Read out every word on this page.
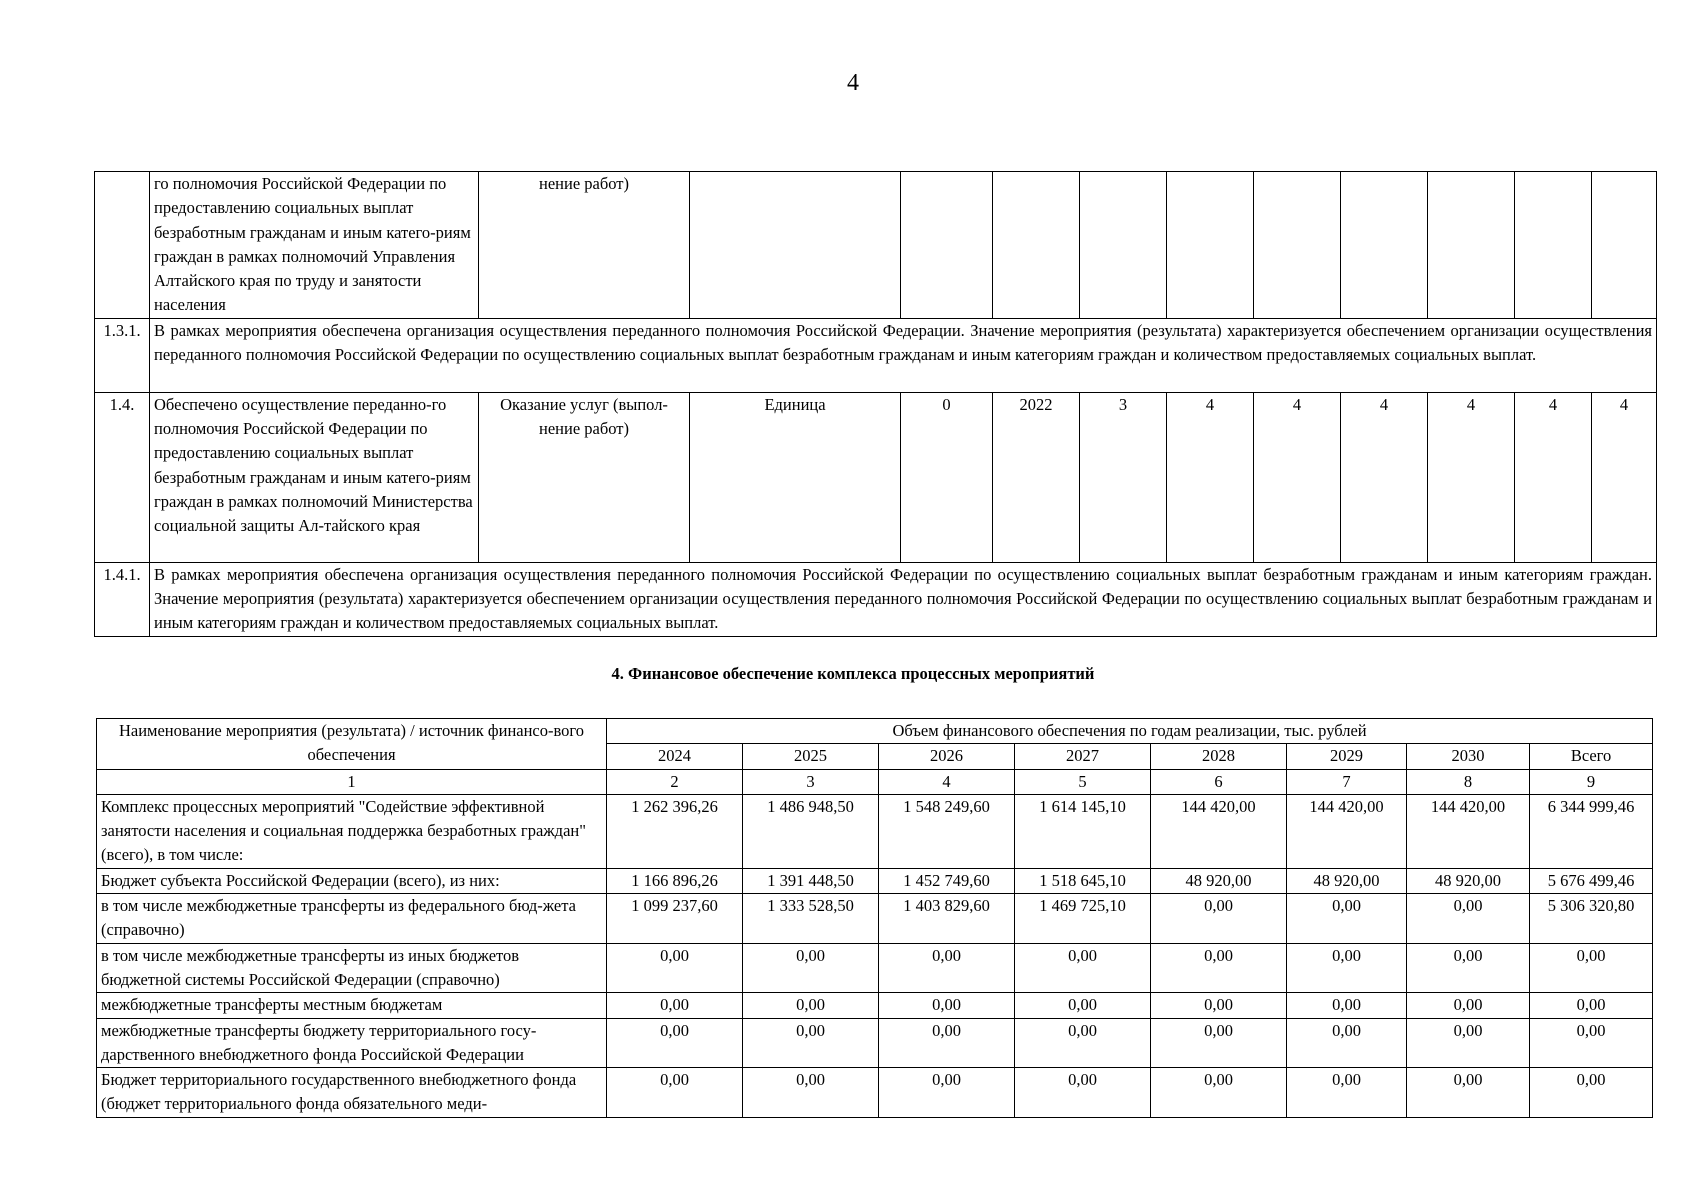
4
	го полномочия Российской Федерации по предоставлению социальных выплат безработным гражданам и иным катего-риям граждан в рамках полномочий Управления Алтайского края по труду и занятости населения	нение работ)										
1.3.1.	В рамках мероприятия обеспечена организация осуществления переданного полномочия Российской Федерации. Значение мероприятия (результата) характеризуется обеспечением организации осуществления переданного полномочия Российской Федерации по осуществлению социальных выплат безработным гражданам и иным категориям граждан и количеством предоставляемых социальных выплат.											
1.4.	Обеспечено осуществление переданно-го полномочия Российской Федерации по предоставлению социальных выплат безработным гражданам и иным катего-риям граждан в рамках полномочий Министерства социальной защиты Ал-тайского края	Оказание услуг (выпол-нение работ)	Единица	0	2022	3	4	4	4	4	4	4
1.4.1.	В рамках мероприятия обеспечена организация осуществления переданного полномочия Российской Федерации по осуществлению социальных выплат безработным гражданам и иным категориям граждан. Значение мероприятия (результата) характеризуется обеспечением организации осуществления переданного полномочия Российской Федерации по осуществлению социальных выплат безработным гражданам и иным категориям граждан и количеством предоставляемых социальных выплат.											
4. Финансовое обеспечение комплекса процессных мероприятий
Наименование мероприятия (результата) / источник финансо-вого обеспечения	Объем финансового обеспечения по годам реализации, тыс. рублей							
	2024	2025	2026	2027	2028	2029	2030	Всего
1	2	3	4	5	6	7	8	9
Комплекс процессных мероприятий "Содействие эффективной занятости населения и социальная поддержка безработных граждан" (всего), в том числе:	1 262 396,26	1 486 948,50	1 548 249,60	1 614 145,10	144 420,00	144 420,00	144 420,00	6 344 999,46
Бюджет субъекта Российской Федерации (всего), из них:	1 166 896,26	1 391 448,50	1 452 749,60	1 518 645,10	48 920,00	48 920,00	48 920,00	5 676 499,46
в том числе межбюджетные трансферты из федерального бюд-жета (справочно)	1 099 237,60	1 333 528,50	1 403 829,60	1 469 725,10	0,00	0,00	0,00	5 306 320,80
в том числе межбюджетные трансферты из иных бюджетов бюджетной системы Российской Федерации (справочно)	0,00	0,00	0,00	0,00	0,00	0,00	0,00	0,00
межбюджетные трансферты местным бюджетам	0,00	0,00	0,00	0,00	0,00	0,00	0,00	0,00
межбюджетные трансферты бюджету территориального госу-дарственного внебюджетного фонда Российской Федерации	0,00	0,00	0,00	0,00	0,00	0,00	0,00	0,00
Бюджет территориального государственного внебюджетного фонда (бюджет территориального фонда обязательного меди-	0,00	0,00	0,00	0,00	0,00	0,00	0,00	0,00
